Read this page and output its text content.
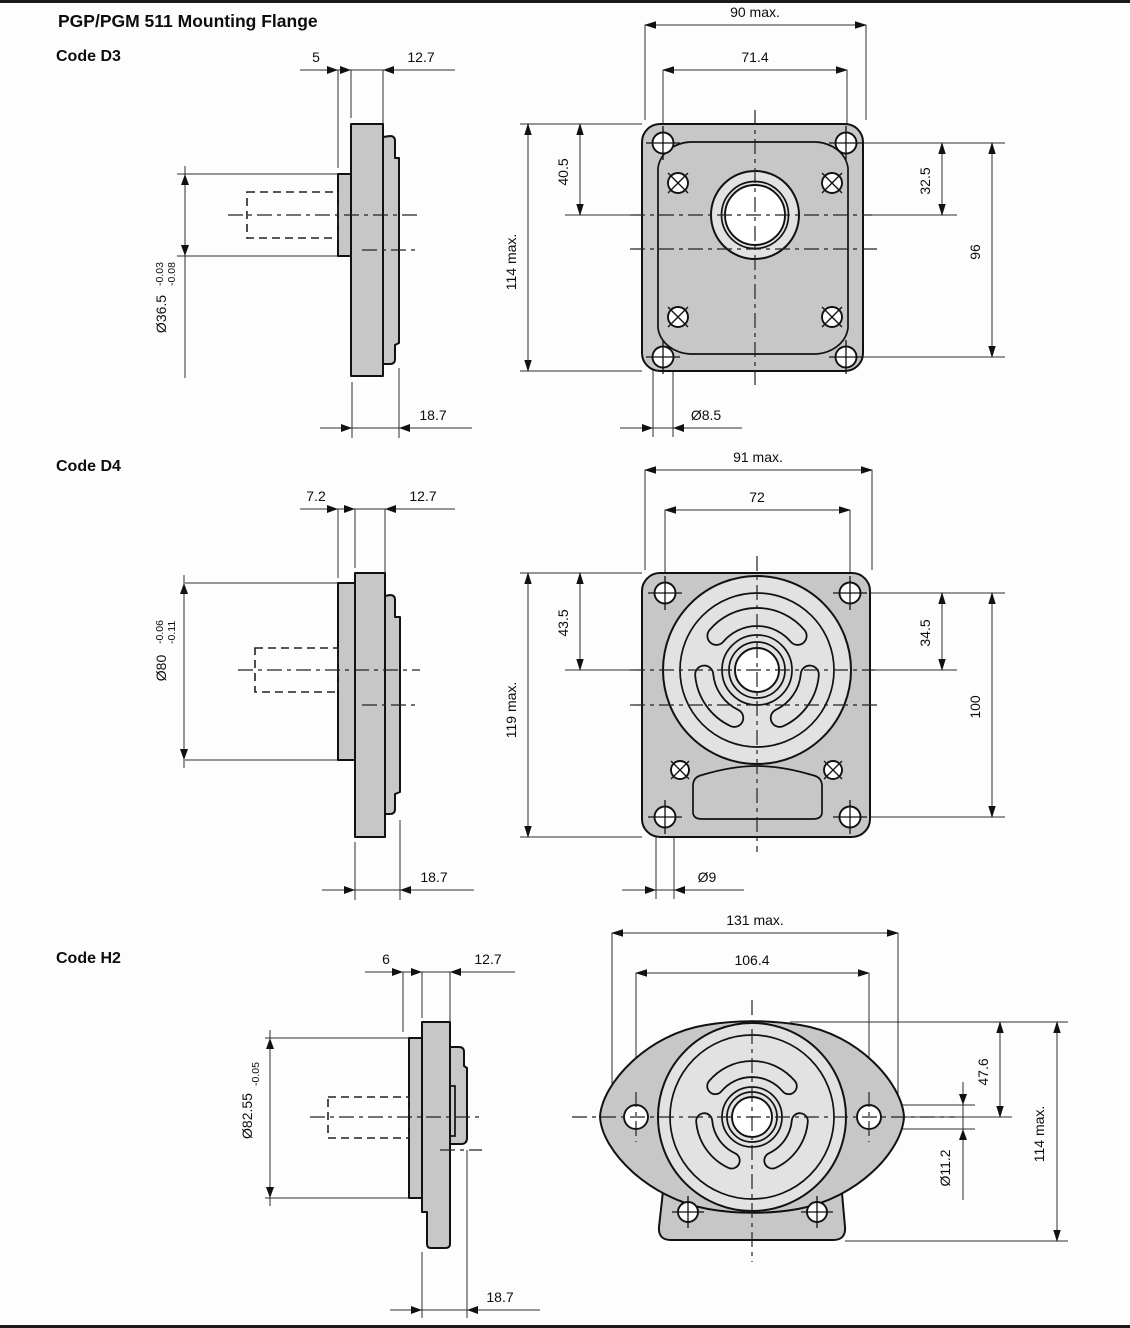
PGP/PGM 511 Mounting Flange
Code D3	5	12.7
Ø36.5
-0.03 -0.08
18.7
90 max.
71.4
114 max.
40.5	32.5
96
Ø8.5
Code D4
7.2	12.7
Ø80
-0.06 -0.11
18.7
91 max.
72
119 max.
43.5	34.5
100
Ø9
Code H2	6	12.7
Ø82.55
-0.05
18.7
131 max.
106.4
47.6
Ø11.2
114 max.
